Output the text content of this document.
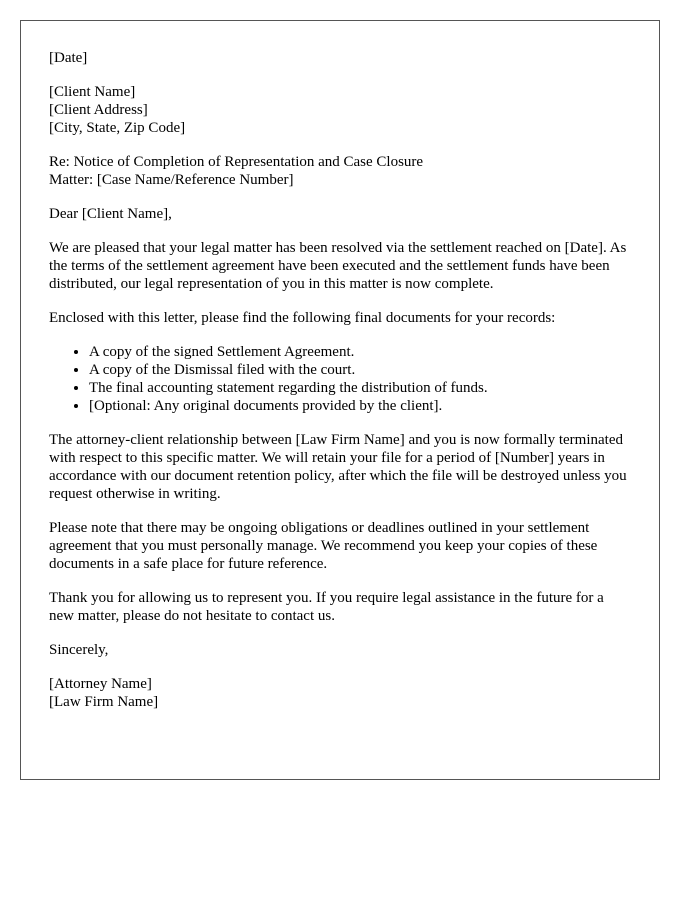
[Date]

[Client Name]
[Client Address]
[City, State, Zip Code]
Re: Notice of Completion of Representation and Case Closure
Matter: [Case Name/Reference Number]

Dear [Client Name],

We are pleased that your legal matter has been resolved via the settlement reached on [Date]. As the terms of the settlement agreement have been executed and the settlement funds have been distributed, our legal representation of you in this matter is now complete.

Enclosed with this letter, please find the following final documents for your records:

• A copy of the signed Settlement Agreement.
• A copy of the Dismissal filed with the court.
• The final accounting statement regarding the distribution of funds.
• [Optional: Any original documents provided by the client].

The attorney-client relationship between [Law Firm Name] and you is now formally terminated with respect to this specific matter. We will retain your file for a period of [Number] years in accordance with our document retention policy, after which the file will be destroyed unless you request otherwise in writing.

Please note that there may be ongoing obligations or deadlines outlined in your settlement agreement that you must personally manage. We recommend you keep your copies of these documents in a safe place for future reference.

Thank you for allowing us to represent you. If you require legal assistance in the future for a new matter, please do not hesitate to contact us.

Sincerely,

[Attorney Name]
[Law Firm Name]
